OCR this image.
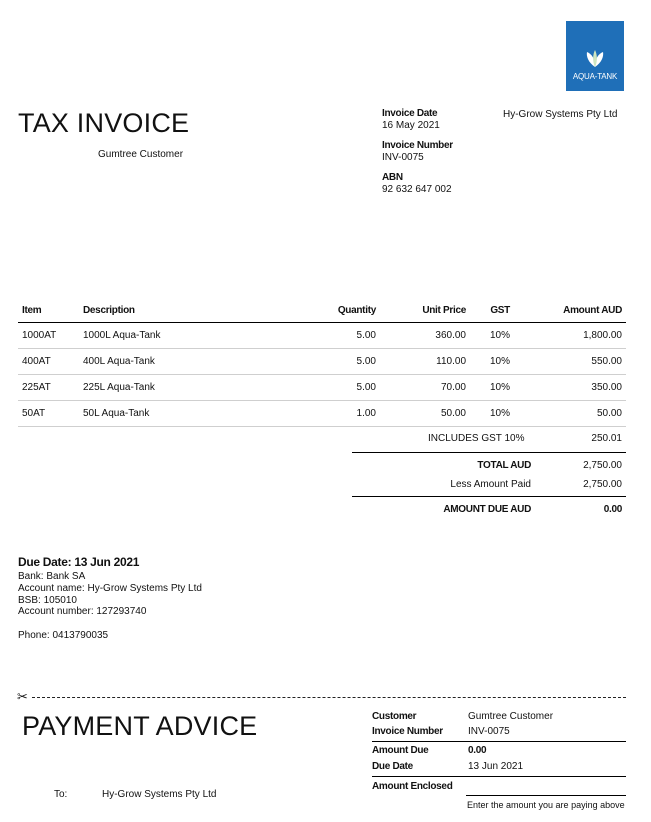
AQUA-TANK
TAX INVOICE
Gumtree Customer
Invoice Date
16 May 2021
Invoice Number
INV-0075
ABN
92 632 647 002
Hy-Grow Systems Pty Ltd
Item	Description	Quantity	Unit Price	GST	Amount AUD
1000AT	1000L Aqua-Tank	5.00	360.00	10%	1,800.00
400AT	400L Aqua-Tank	5.00	110.00	10%	550.00
225AT	225L Aqua-Tank	5.00	70.00	10%	350.00
50AT	50L Aqua-Tank	1.00	50.00	10%	50.00
INCLUDES GST 10%	250.01
TOTAL AUD	2,750.00
Less Amount Paid	2,750.00
AMOUNT DUE AUD	0.00
Due Date: 13 Jun 2021
Bank: Bank SA
Account name: Hy-Grow Systems Pty Ltd
BSB: 105010
Account number: 127293740
Phone: 0413790035
✂
PAYMENT ADVICE
To:	Hy-Grow Systems Pty Ltd
Customer	Gumtree Customer
Invoice Number	INV-0075
Amount Due	0.00
Due Date	13 Jun 2021
Amount Enclosed
Enter the amount you are paying above
